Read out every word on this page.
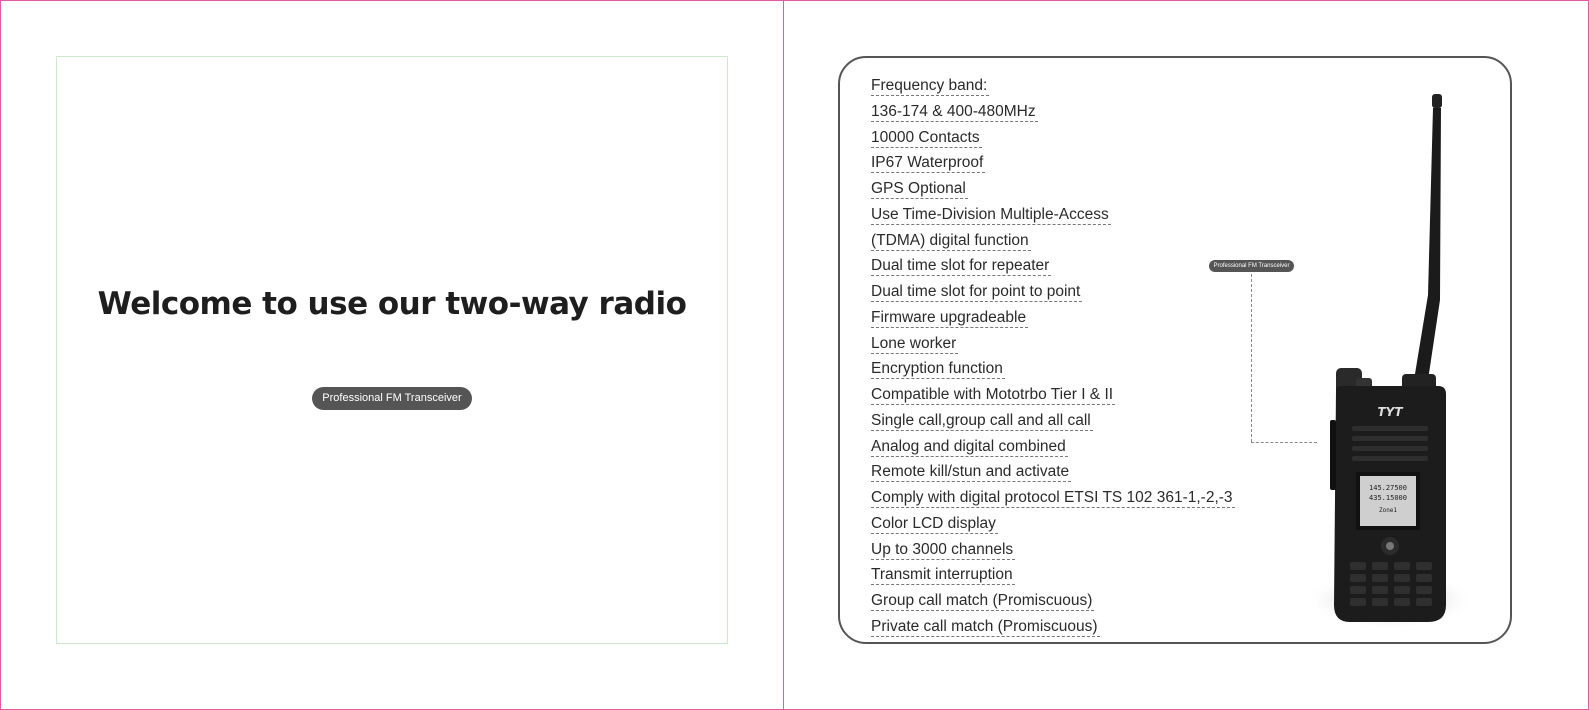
Welcome to use our two-way radio
Professional FM Transceiver
Frequency band:
136-174 & 400-480MHz
10000 Contacts
IP67 Waterproof
GPS Optional
Use Time-Division Multiple-Access
(TDMA) digital function
Dual time slot for repeater
Dual time slot for point to point
Firmware upgradeable
Lone worker
Encryption function
Compatible with Mototrbo Tier I & II
Single call,group call and all call
Analog and digital combined
Remote kill/stun and activate
Comply with digital protocol ETSI TS 102 361-1,-2,-3
Color LCD display
Up to 3000 channels
Transmit interruption
Group call match (Promiscuous)
Private call match (Promiscuous)
Professional FM Transceiver
TYT
145.27500
435.15000
Zone1
